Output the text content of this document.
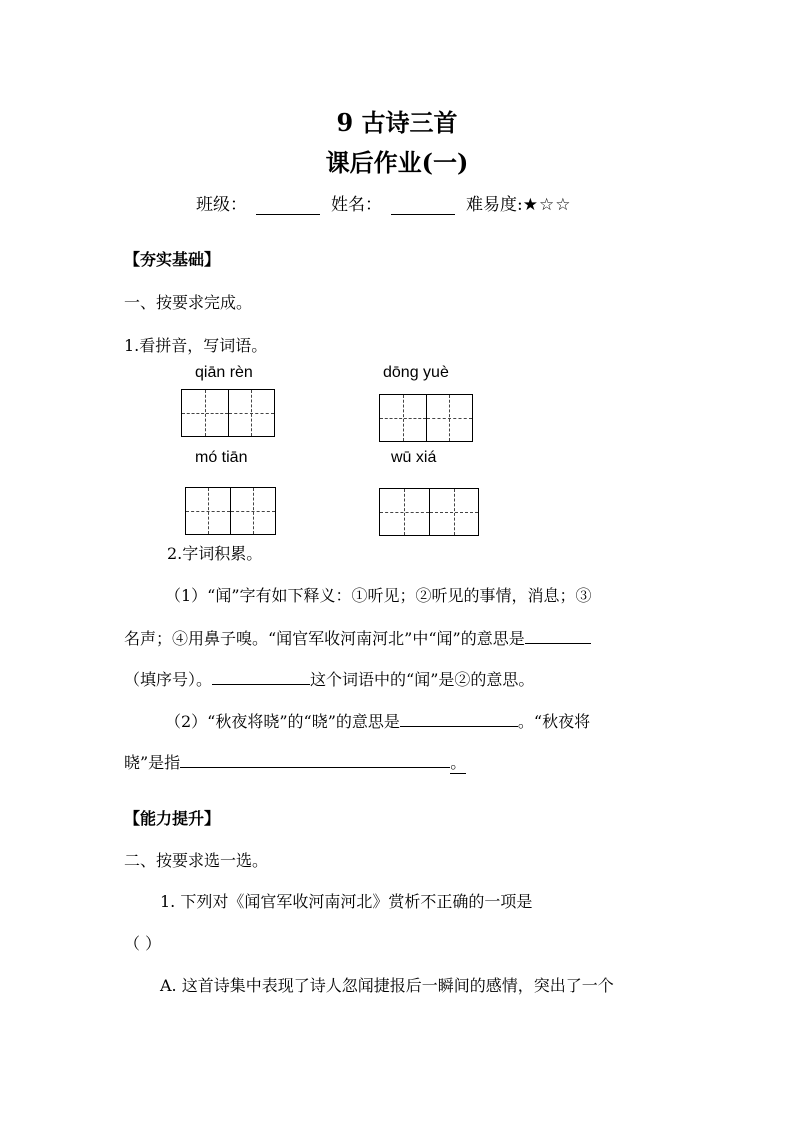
9 古诗三首
课后作业(一)
班级：	姓名：	难易度: ★☆☆
【夯实基础】
一、按要求完成。
1.看拼音，写词语。
qiān rèn	dōng yuè
mó tiān	wū xiá
2.字词积累。
（1）“闻”字有如下释义：①听见；②听见的事情，消息；③
名声；④用鼻子嗅。“闻官军收河南河北”中“闻”的意思是
（填序号）。	这个词语中的“闻”是②的意思。
（2）“秋夜将晓”的“晓”的意思是	。“秋夜将
晓”是指	。
【能力提升】
二、按要求选一选。
1. 下列对《闻官军收河南河北》赏析不正确的一项是
（ ）
A. 这首诗集中表现了诗人忽闻捷报后一瞬间的感情，突出了一个
